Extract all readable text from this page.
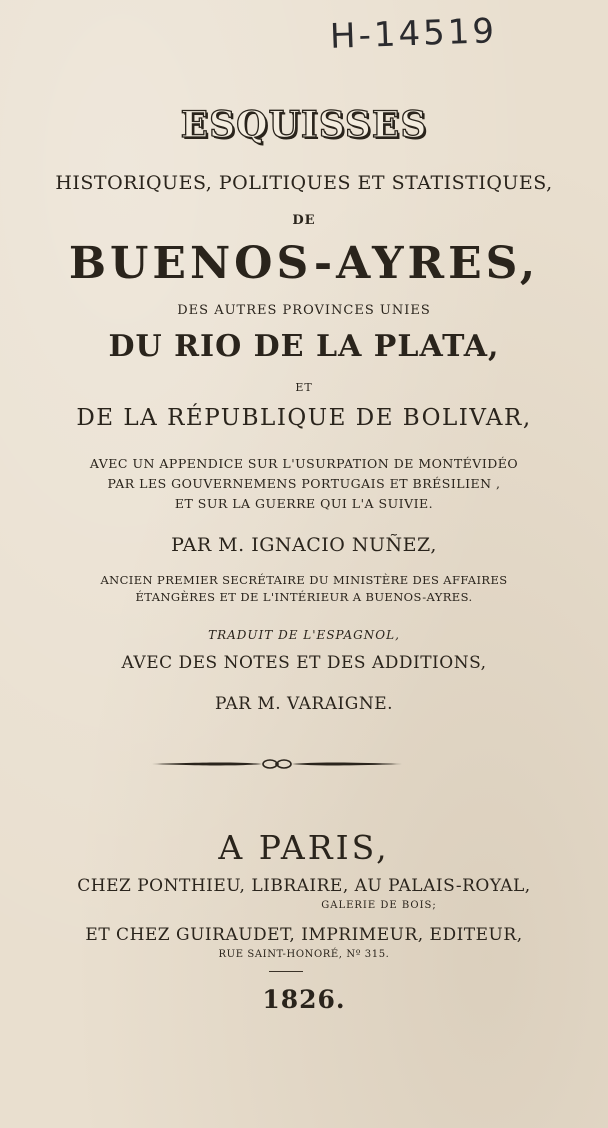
H-14519
ESQUISSES
HISTORIQUES, POLITIQUES ET STATISTIQUES,
DE
BUENOS-AYRES,
DES AUTRES PROVINCES UNIES
DU RIO DE LA PLATA,
ET
DE LA RÉPUBLIQUE DE BOLIVAR,
AVEC UN APPENDICE SUR L'USURPATION DE MONTÉVIDÉO
PAR LES GOUVERNEMENS PORTUGAIS ET BRÉSILIEN ,
ET SUR LA GUERRE QUI L'A SUIVIE.
PAR M. IGNACIO NUÑEZ,
ANCIEN PREMIER SECRÉTAIRE DU MINISTÈRE DES AFFAIRES
ÉTANGÈRES ET DE L'INTÉRIEUR A BUENOS-AYRES.
TRADUIT DE L'ESPAGNOL,
AVEC DES NOTES ET DES ADDITIONS,
PAR M. VARAIGNE.
A PARIS,
CHEZ PONTHIEU, LIBRAIRE, AU PALAIS-ROYAL,
GALERIE DE BOIS;
ET CHEZ GUIRAUDET, IMPRIMEUR, EDITEUR,
RUE SAINT-HONORÉ, Nº 315.
1826.
